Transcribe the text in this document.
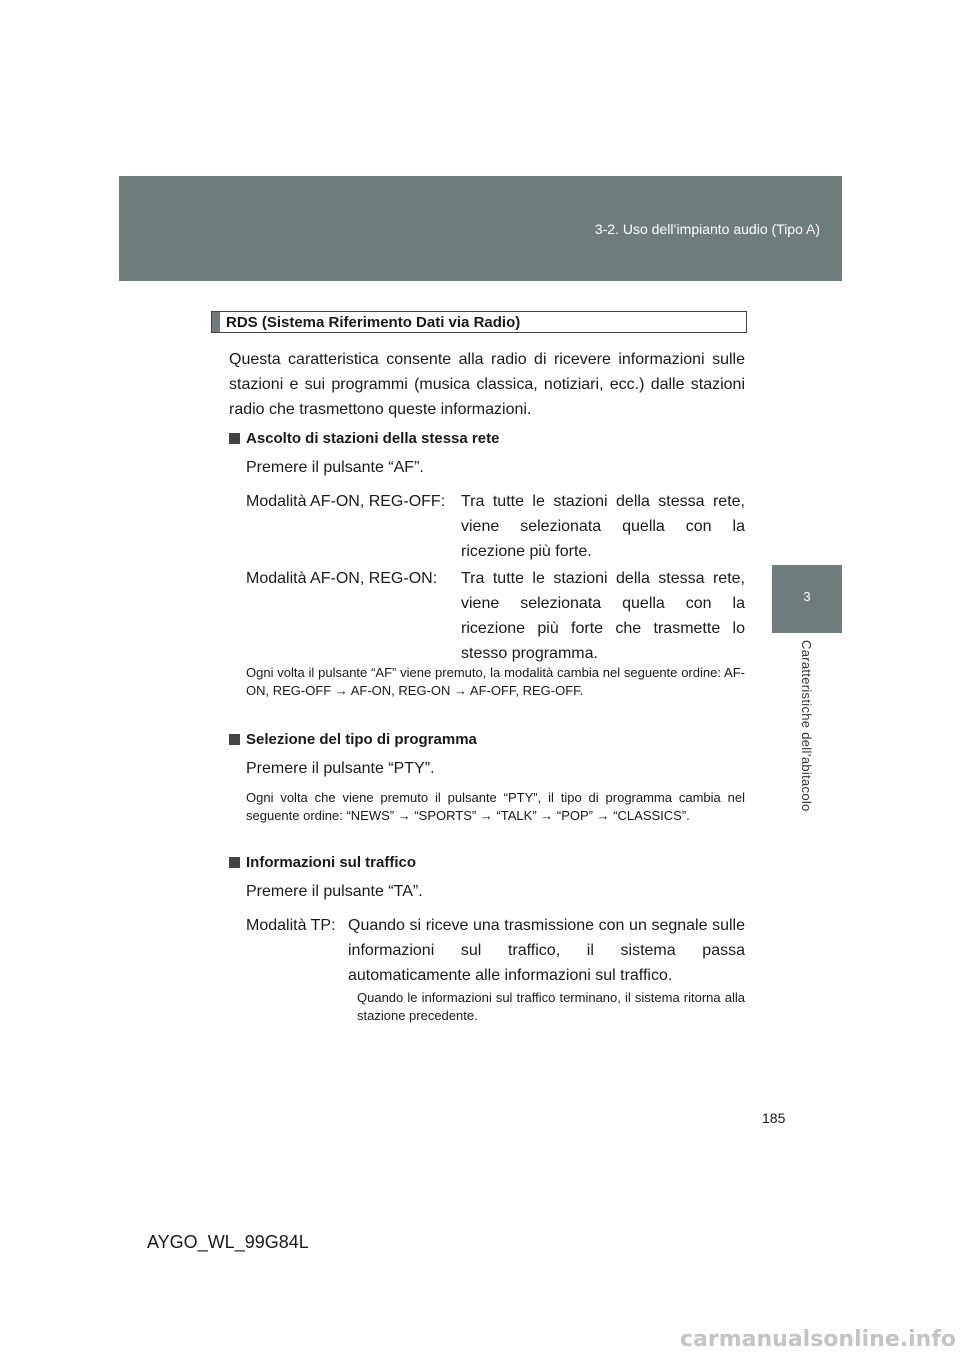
3-2. Uso dell’impianto audio (Tipo A)
3
Caratteristiche dell’abitacolo
RDS (Sistema Riferimento Dati via Radio)
Questa caratteristica consente alla radio di ricevere informazioni sulle stazioni e sui programmi (musica classica, notiziari, ecc.) dalle stazioni radio che trasmettono queste informazioni.
Ascolto di stazioni della stessa rete
Premere il pulsante “AF”.
Modalità AF-ON, REG-OFF: Tra tutte le stazioni della stessa rete, viene selezionata quella con la ricezione più forte.
Modalità AF-ON, REG-ON: Tra tutte le stazioni della stessa rete, viene selezionata quella con la ricezione più forte che trasmette lo stesso programma.
Ogni volta il pulsante “AF” viene premuto, la modalità cambia nel seguente ordine: AF-ON, REG-OFF → AF-ON, REG-ON → AF-OFF, REG-OFF.
Selezione del tipo di programma
Premere il pulsante “PTY”.
Ogni volta che viene premuto il pulsante “PTY”, il tipo di programma cambia nel seguente ordine: “NEWS” → “SPORTS” → “TALK” → “POP” → “CLASSICS”.
Informazioni sul traffico
Premere il pulsante “TA”.
Modalità TP: Quando si riceve una trasmissione con un segnale sulle informazioni sul traffico, il sistema passa automaticamente alle informazioni sul traffico.
Quando le informazioni sul traffico terminano, il sistema ritorna alla stazione precedente.
185
AYGO_WL_99G84L
carmanualsonline.info
